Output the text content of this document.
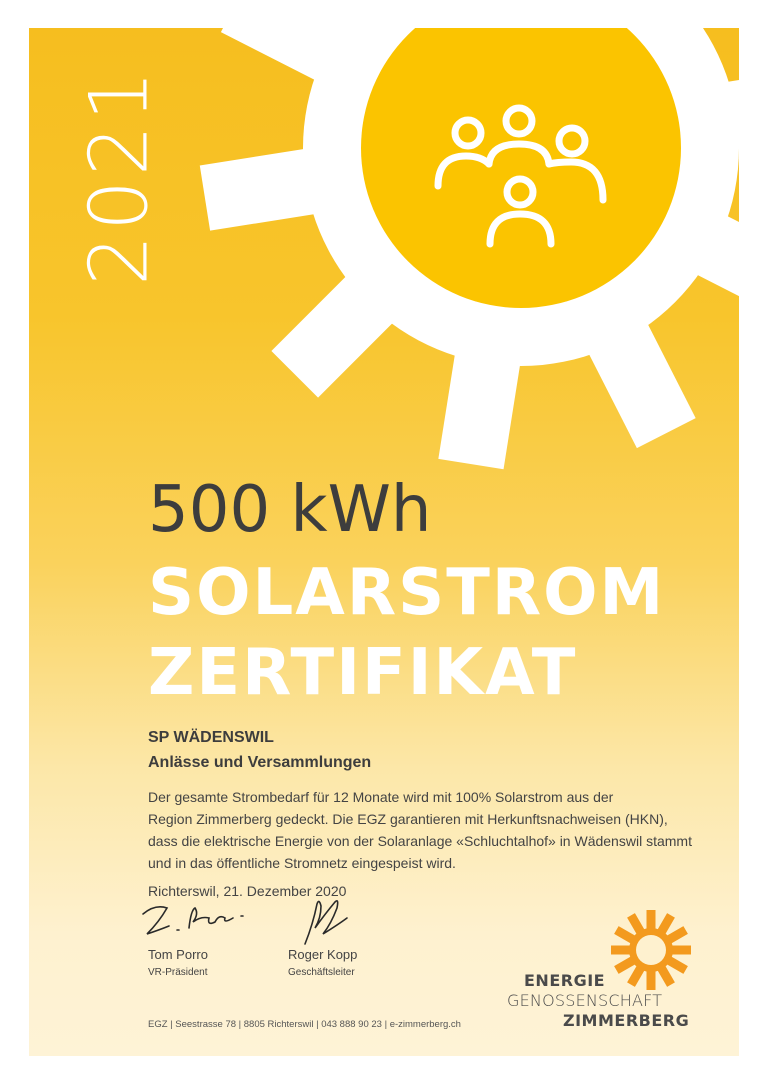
2021
500 kWh
SOLARSTROM
ZERTIFIKAT
SP WÄDENSWIL
Anlässe und Versammlungen
Der gesamte Strombedarf für 12 Monate wird mit 100% Solarstrom aus der
Region Zimmerberg gedeckt. Die EGZ garantieren mit Herkunftsnachweisen (HKN),
dass die elektrische Energie von der Solaranlage «Schluchtalhof» in Wädenswil stammt
und in das öffentliche Stromnetz eingespeist wird.
Richterswil, 21. Dezember 2020
Tom Porro
VR-Präsident
Roger Kopp
Geschäftsleiter	ENERGIE
GENOSSENSCHAFT
ZIMMERBERG
EGZ | Seestrasse 78 | 8805 Richterswil | 043 888 90 23 | e-zimmerberg.ch
